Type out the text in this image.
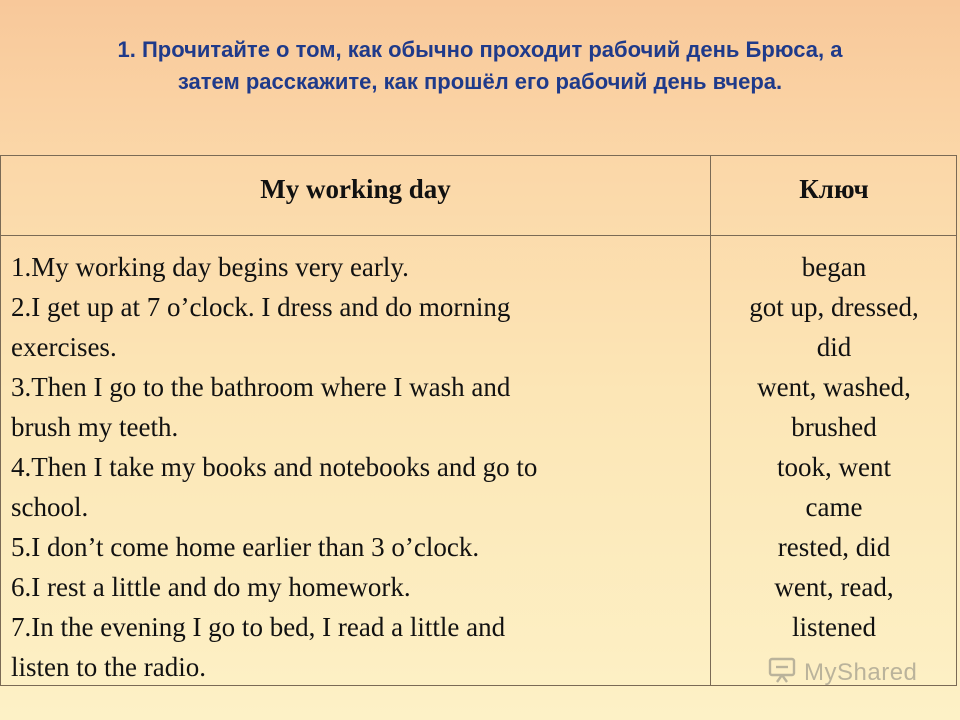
1. Прочитайте о том, как обычно проходит рабочий день Брюса, а
затем расскажите, как прошёл его рабочий день вчера.
My working day	Ключ
1.My working day begins very early.
2.I get up at 7 o’clock. I dress and do morning
exercises.
3.Then I go to the bathroom where I wash and
brush my teeth.
4.Then I take my books and notebooks and go to
school.
5.I don’t come home earlier than 3 o’clock.
6.I rest a little and do my homework.
7.In the evening I go to bed, I read a little and
listen to the radio.
began
got up, dressed,
did
went, washed,
brushed
took, went
came
rested, did
went, read,
listened
MyShared
